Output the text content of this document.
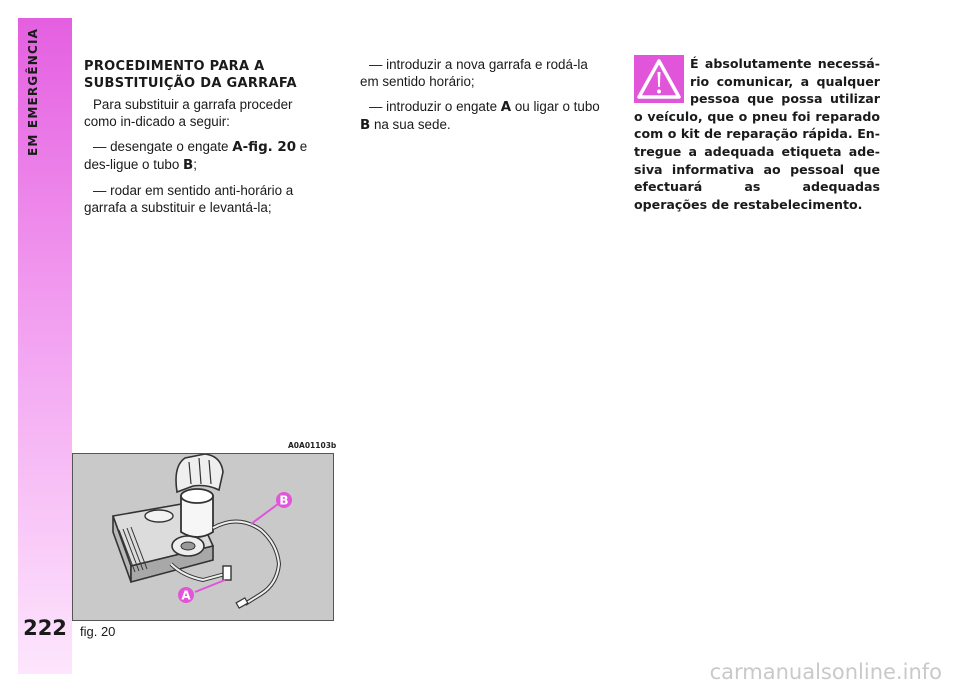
EM EMERGÊNCIA
222
PROCEDIMENTO PARA A
SUBSTITUIÇÃO DA GARRAFA

Para substituir a garrafa proceder como in-dicado a seguir:

— desengate o engate A-fig. 20 e des-ligue o tubo B;

— rodar em sentido anti-horário a garrafa a substituir e levantá-la;

— introduzir a nova garrafa e rodá-la em sentido horário;

— introduzir o engate A ou ligar o tubo B na sua sede.

É absolutamente necessá-rio comunicar, a qualquer pessoa que possa utilizar o veículo, que o pneu foi reparado com o kit de reparação rápida. En-tregue a adequada etiqueta ade-siva informativa ao pessoal que efectuará as adequadas operações de restabelecimento.

A0A01103b
B
A
fig. 20
carmanualsonline.info
